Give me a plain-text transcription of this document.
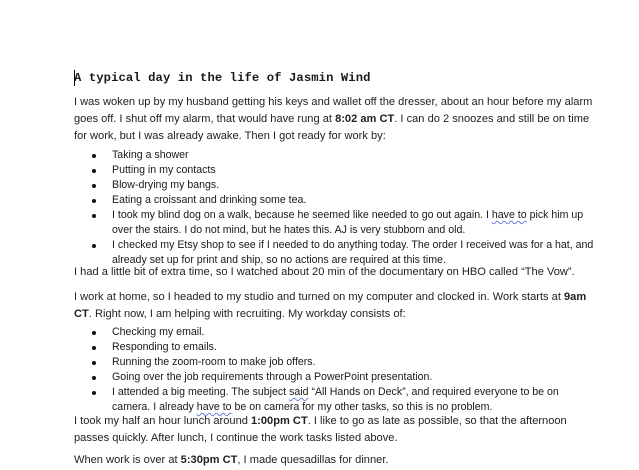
A typical day in the life of Jasmin Wind

I was woken up by my husband getting his keys and wallet off the dresser, about an hour before my alarm goes off. I shut off my alarm, that would have rung at 8:02 am CT. I can do 2 snoozes and still be on time for work, but I was already awake. Then I got ready for work by:

Taking a shower
Putting in my contacts
Blow-drying my bangs.
Eating a croissant and drinking some tea.
I took my blind dog on a walk, because he seemed like needed to go out again. I have to pick him up over the stairs. I do not mind, but he hates this. AJ is very stubborn and old.
I checked my Etsy shop to see if I needed to do anything today. The order I received was for a hat, and already set up for print and ship, so no actions are required at this time.

I had a little bit of extra time, so I watched about 20 min of the documentary on HBO called “The Vow”.

I work at home, so I headed to my studio and turned on my computer and clocked in. Work starts at 9am CT. Right now, I am helping with recruiting. My workday consists of:

Checking my email.
Responding to emails.
Running the zoom-room to make job offers.
Going over the job requirements through a PowerPoint presentation.
I attended a big meeting. The subject said “All Hands on Deck”, and required everyone to be on camera. I already have to be on camera for my other tasks, so this is no problem.

I took my half an hour lunch around 1:00pm CT. I like to go as late as possible, so that the afternoon passes quickly. After lunch, I continue the work tasks listed above.

When work is over at 5:30pm CT, I made quesadillas for dinner.
